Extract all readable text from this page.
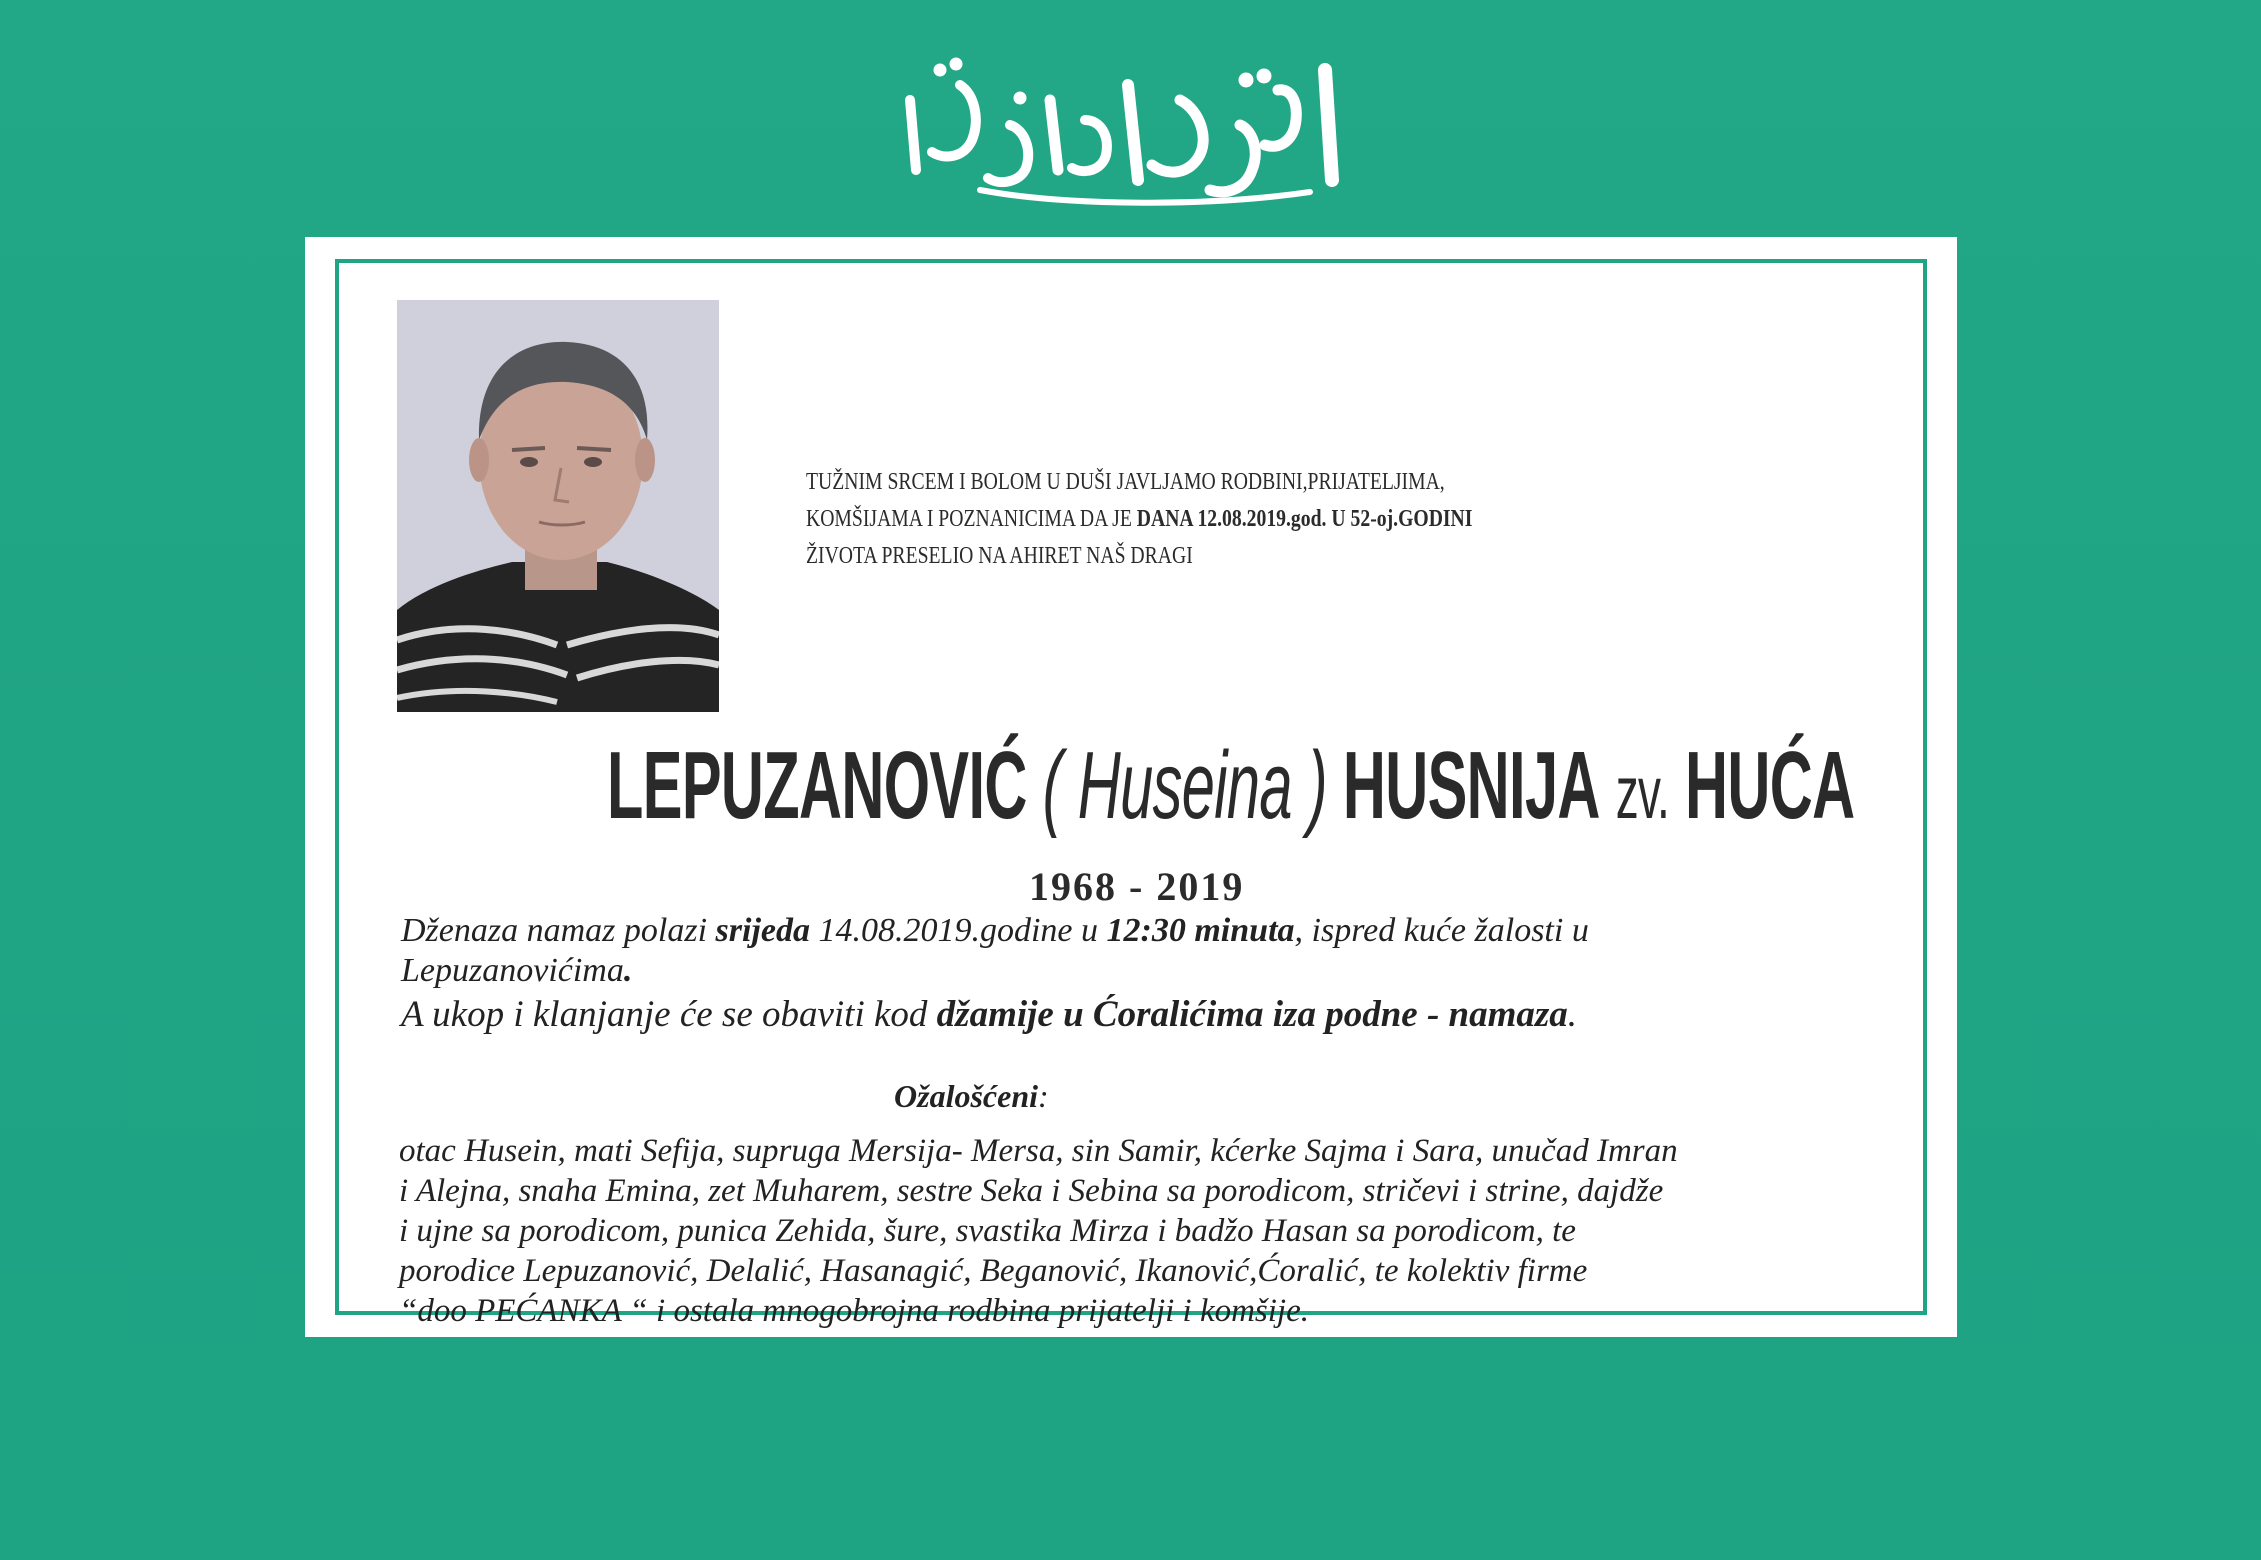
TUŽNIM SRCEM I BOLOM U DUŠI JAVLJAMO RODBINI,PRIJATELJIMA,
KOMŠIJAMA I POZNANICIMA DA JE DANA 12.08.2019.god. U 52-oj.GODINI
ŽIVOTA PRESELIO NA AHIRET NAŠ DRAGI
LEPUZANOVIĆ ( Huseina ) HUSNIJA zv. HUĆA
1968 - 2019
Dženaza namaz polazi srijeda 14.08.2019.godine u 12:30 minuta, ispred kuće žalosti u
Lepuzanovićima.
A ukop i klanjanje će se obaviti kod džamije u Ćoralićima iza podne - namaza.
Ožalošćeni:
otac Husein, mati Sefija, supruga Mersija- Mersa, sin Samir, kćerke Sajma i Sara, unučad Imran
i Alejna, snaha Emina, zet Muharem, sestre Seka i Sebina sa porodicom, stričevi i strine, dajdže
i ujne sa porodicom, punica Zehida, šure, svastika Mirza i badžo Hasan sa porodicom, te
porodice Lepuzanović, Delalić, Hasanagić, Beganović, Ikanović,Ćoralić, te kolektiv firme
“doo PEĆANKA “ i ostala mnogobrojna rodbina prijatelji i komšije.
